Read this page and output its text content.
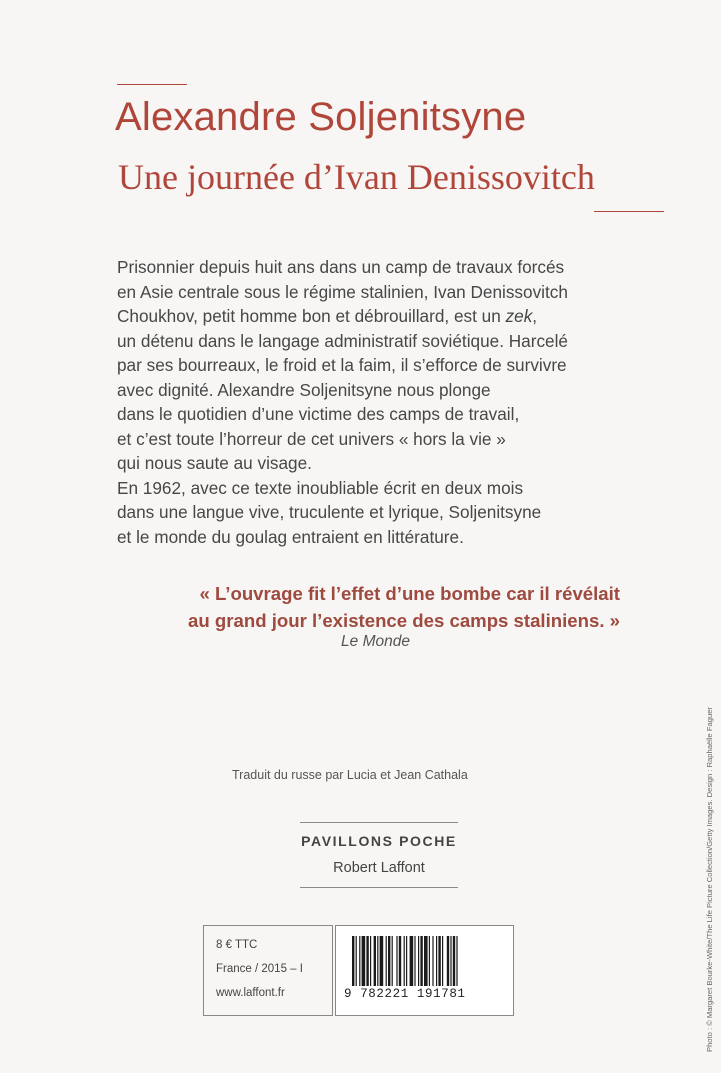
Alexandre Soljenitsyne
Une journée d’Ivan Denissovitch
Prisonnier depuis huit ans dans un camp de travaux forcés
en Asie centrale sous le régime stalinien, Ivan Denissovitch
Choukhov, petit homme bon et débrouillard, est un zek,
un détenu dans le langage administratif soviétique. Harcelé
par ses bourreaux, le froid et la faim, il s’efforce de survivre
avec dignité. Alexandre Soljenitsyne nous plonge
dans le quotidien d’une victime des camps de travail,
et c’est toute l’horreur de cet univers « hors la vie »
qui nous saute au visage.
En 1962, avec ce texte inoubliable écrit en deux mois
dans une langue vive, truculente et lyrique, Soljenitsyne
et le monde du goulag entraient en littérature.
« L’ouvrage fit l’effet d’une bombe car il révélait
au grand jour l’existence des camps staliniens. »
Le Monde
Traduit du russe par Lucia et Jean Cathala
PAVILLONS POCHE
Robert Laffont
8 € TTC
France / 2015 – I
www.laffont.fr	9 782221 191781	Photo : © Margaret Bourke-White/The Life Picture Collection/Getty Images. Design : Raphaëlle Faguer
